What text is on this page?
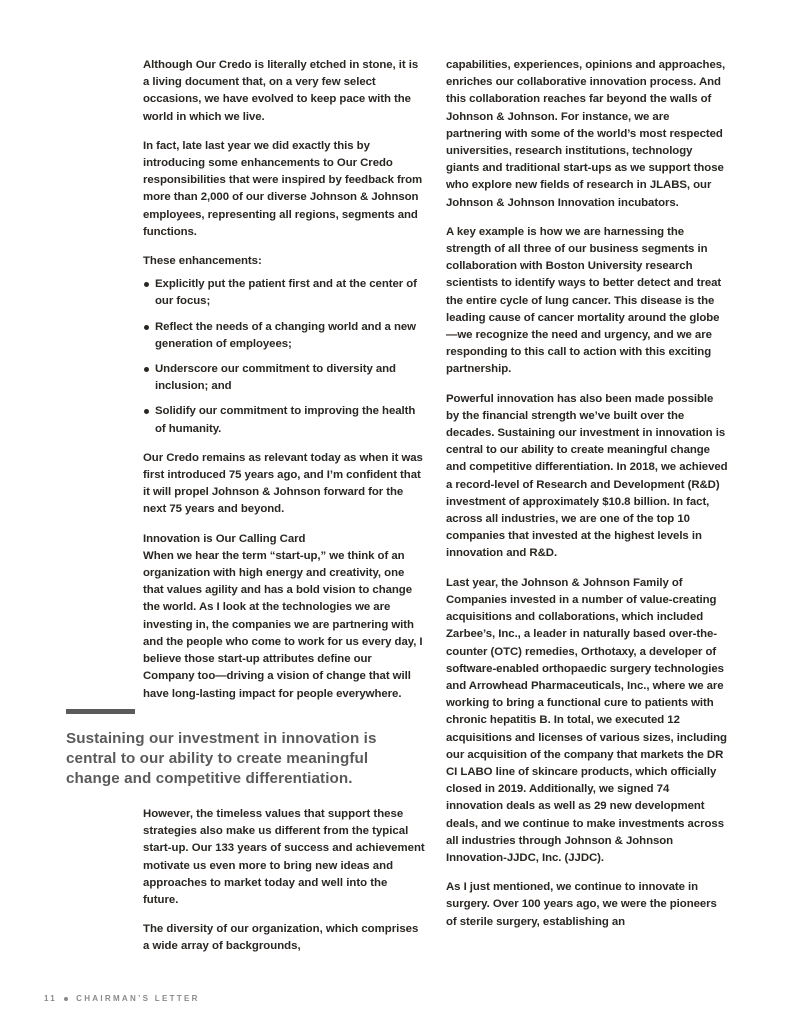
Although Our Credo is literally etched in stone, it is a living document that, on a very few select occasions, we have evolved to keep pace with the world in which we live.

In fact, late last year we did exactly this by introducing some enhancements to Our Credo responsibilities that were inspired by feedback from more than 2,000 of our diverse Johnson & Johnson employees, representing all regions, segments and functions.

These enhancements:

Explicitly put the patient first and at the center of our focus;
Reflect the needs of a changing world and a new generation of employees;
Underscore our commitment to diversity and inclusion; and
Solidify our commitment to improving the health of humanity.

Our Credo remains as relevant today as when it was first introduced 75 years ago, and I’m confident that it will propel Johnson & Johnson forward for the next 75 years and beyond.

Innovation is Our Calling Card
When we hear the term “start-up,” we think of an organization with high energy and creativity, one that values agility and has a bold vision to change the world. As I look at the technologies we are investing in, the companies we are partnering with and the people who come to work for us every day, I believe those start-up attributes define our Company too—driving a vision of change that will have long-lasting impact for people everywhere.

Sustaining our investment in innovation is central to our ability to create meaningful change and competitive differentiation.

However, the timeless values that support these strategies also make us different from the typical start-up. Our 133 years of success and achievement motivate us even more to bring new ideas and approaches to market today and well into the future.

The diversity of our organization, which comprises a wide array of backgrounds,

capabilities, experiences, opinions and approaches, enriches our collaborative innovation process. And this collaboration reaches far beyond the walls of Johnson & Johnson. For instance, we are partnering with some of the world’s most respected universities, research institutions, technology giants and traditional start-ups as we support those who explore new fields of research in JLABS, our Johnson & Johnson Innovation incubators.

A key example is how we are harnessing the strength of all three of our business segments in collaboration with Boston University research scientists to identify ways to better detect and treat the entire cycle of lung cancer. This disease is the leading cause of cancer mortality around the globe—we recognize the need and urgency, and we are responding to this call to action with this exciting partnership.

Powerful innovation has also been made possible by the financial strength we’ve built over the decades. Sustaining our investment in innovation is central to our ability to create meaningful change and competitive differentiation. In 2018, we achieved a record-level of Research and Development (R&D) investment of approximately $10.8 billion. In fact, across all industries, we are one of the top 10 companies that invested at the highest levels in innovation and R&D.

Last year, the Johnson & Johnson Family of Companies invested in a number of value-creating acquisitions and collaborations, which included Zarbee’s, Inc., a leader in naturally based over-the-counter (OTC) remedies, Orthotaxy, a developer of software-enabled orthopaedic surgery technologies and Arrowhead Pharmaceuticals, Inc., where we are working to bring a functional cure to patients with chronic hepatitis B. In total, we executed 12 acquisitions and licenses of various sizes, including our acquisition of the company that markets the DR CI LABO line of skincare products, which officially closed in 2019. Additionally, we signed 74 innovation deals as well as 29 new development deals, and we continue to make investments across all industries through Johnson & Johnson Innovation-JJDC, Inc. (JJDC).

As I just mentioned, we continue to innovate in surgery. Over 100 years ago, we were the pioneers of sterile surgery, establishing an

11 CHAIRMAN’S LETTER
